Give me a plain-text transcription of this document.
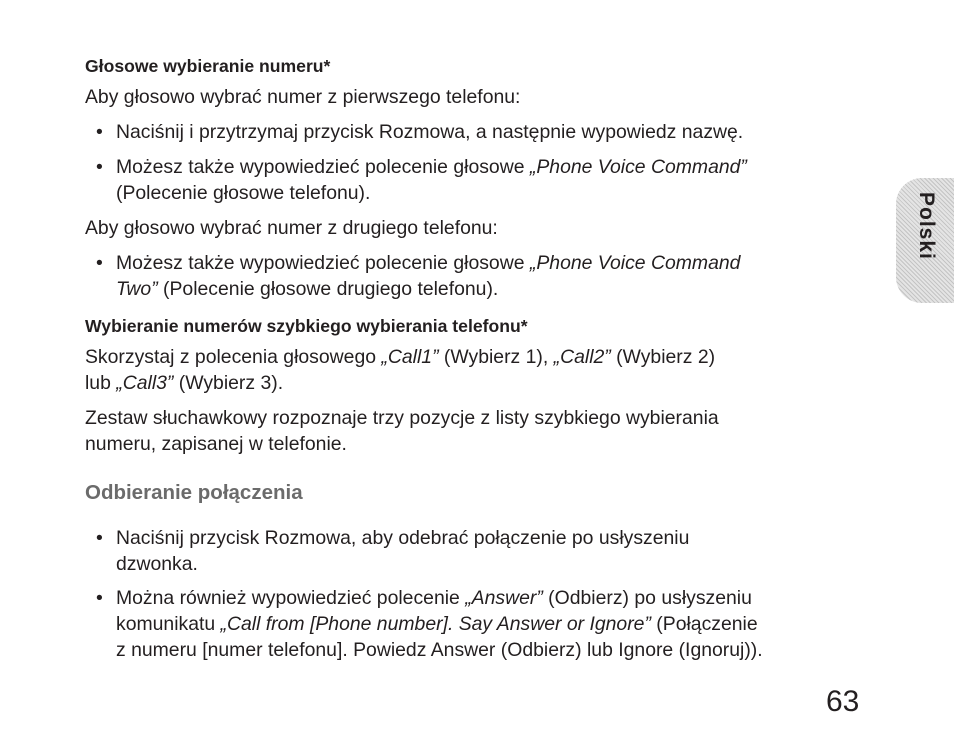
Polski
Głosowe wybieranie numeru*

Aby głosowo wybrać numer z pierwszego telefonu:

• Naciśnij i przytrzymaj przycisk Rozmowa, a następnie wypowiedz nazwę.
• Możesz także wypowiedzieć polecenie głosowe „Phone Voice Command”
(Polecenie głosowe telefonu).

Aby głosowo wybrać numer z drugiego telefonu:

• Możesz także wypowiedzieć polecenie głosowe „Phone Voice Command
Two” (Polecenie głosowe drugiego telefonu).
Wybieranie numerów szybkiego wybierania telefonu*

Skorzystaj z polecenia głosowego „Call1” (Wybierz 1), „Call2” (Wybierz 2)
lub „Call3” (Wybierz 3).

Zestaw słuchawkowy rozpoznaje trzy pozycje z listy szybkiego wybierania
numeru, zapisanej w telefonie.

Odbieranie połączenia
• Naciśnij przycisk Rozmowa, aby odebrać połączenie po usłyszeniu
dzwonka.
• Można również wypowiedzieć polecenie „Answer” (Odbierz) po usłyszeniu
komunikatu „Call from [Phone number]. Say Answer or Ignore” (Połączenie
z numeru [numer telefonu]. Powiedz Answer (Odbierz) lub Ignore (Ignoruj)).
63
